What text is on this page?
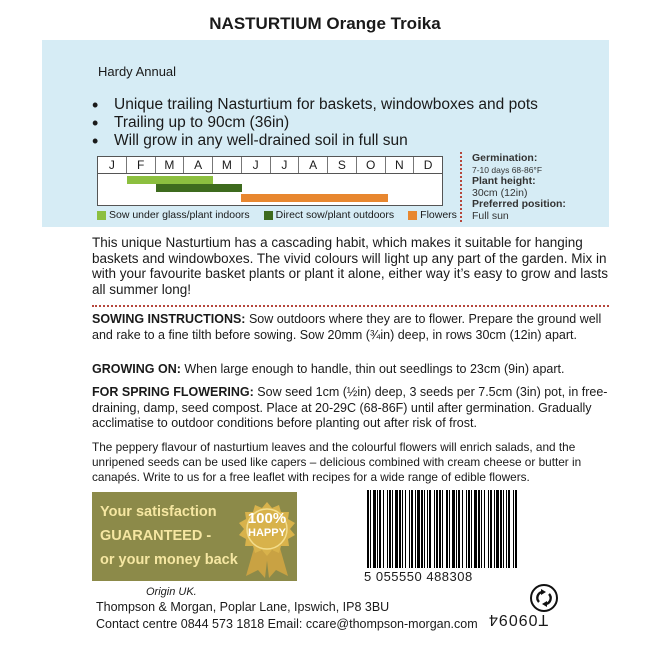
NASTURTIUM Orange Troika
Hardy Annual
• Unique trailing Nasturtium for baskets, windowboxes and pots
• Trailing up to 90cm (36in)
• Will grow in any well-drained soil in full sun
J	F	M	A	M	J	J	A	S	O	N	D
Sow under glass/plant indoors Direct sow/plant outdoors Flowers
Germination:
7-10 days 68-86°F
Plant height:
30cm (12in)
Preferred position:
Full sun

This unique Nasturtium has a cascading habit, which makes it suitable for hanging baskets and windowboxes. The vivid colours will light up any part of the garden. Mix in with your favourite basket plants or plant it alone, either way it’s easy to grow and lasts all summer long!

SOWING INSTRUCTIONS: Sow outdoors where they are to flower. Prepare the ground well and rake to a fine tilth before sowing. Sow 20mm (¾in) deep, in rows 30cm (12in) apart.

GROWING ON: When large enough to handle, thin out seedlings to 23cm (9in) apart.

FOR SPRING FLOWERING: Sow seed 1cm (½in) deep, 3 seeds per 7.5cm (3in) pot, in free-draining, damp, seed compost. Place at 20-29C (68-86F) until after germination. Gradually acclimatise to outdoor conditions before planting out after risk of frost.

The peppery flavour of nasturtium leaves and the colourful flowers will enrich salads, and the unripened seeds can be used like capers – delicious combined with cream cheese or butter in canapés. Write to us for a free leaflet with recipes for a wide range of edible flowers.

Your satisfaction
GUARANTEED -
or your money back
100%
HAPPY
5 055550 488308
Origin UK.
Thompson & Morgan, Poplar Lane, Ipswich, IP8 3BU
Contact centre 0844 573 1818 Email: ccare@thompson-morgan.com T09094
